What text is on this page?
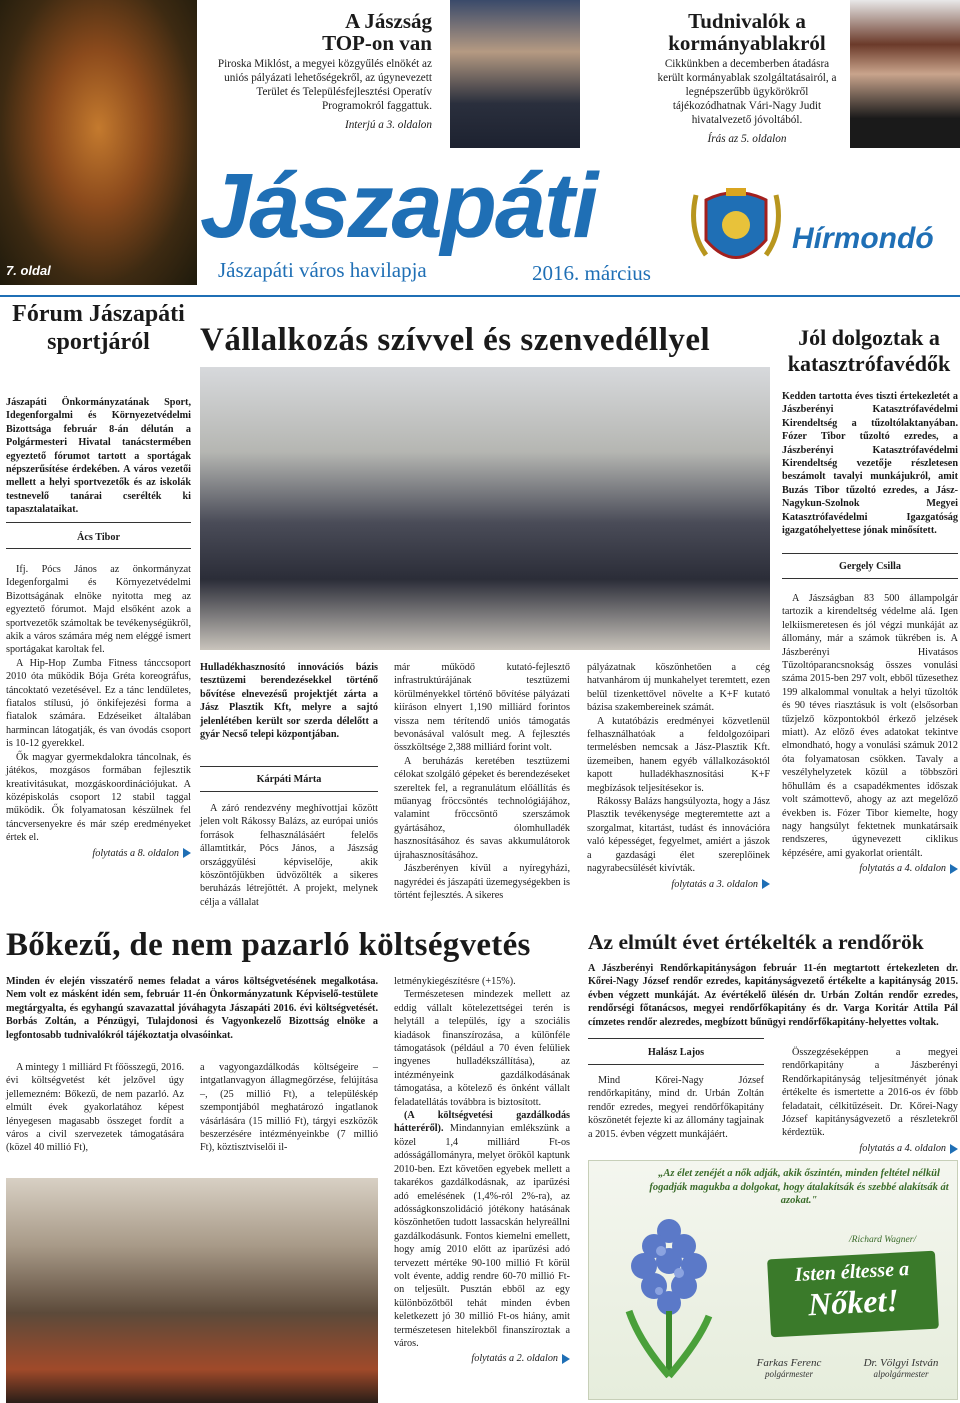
7. oldal
A Jászság
TOP-on van
Piroska Miklóst, a megyei közgyűlés elnökét az uniós pályázati lehetőségekről, az úgynevezett Terület és Településfejlesztési Operatív Programokról faggattuk.
Interjú a 3. oldalon
Tudnivalók a
kormányablakról
Cikkünkben a decemberben átadásra került kormányablak szolgáltatásairól, a legnépszerűbb ügykörökről tájékozódhatnak Vári-Nagy Judit hivatalvezető jóvoltából.
Írás az 5. oldalon
Jászapáti
Jászapáti város havilapja	2016. március
Hírmondó
Fórum Jászapáti sportjáról
Jászapáti Önkormányzatának Sport, Idegenforgalmi és Környezetvédelmi Bizottsága február 8-án délután a Polgármesteri Hivatal tanácstermében egyeztető fórumot tartott a sportágak népszerűsítése érdekében. A város vezetői mellett a helyi sportvezetők és az iskolák testnevelő tanárai cserélték ki tapasztalataikat.
Ács Tibor

Ifj. Pócs János az önkormányzat Idegenforgalmi és Környezetvédelmi Bizottságának elnöke nyitotta meg az egyeztető fórumot. Majd elsőként azok a sportvezetők számoltak be tevékenységükről, akik a város számára még nem eléggé ismert sportágakat karoltak fel.

A Hip-Hop Zumba Fitness tánccsoport 2010 óta működik Bója Gréta koreográfus, táncoktató vezetésével. Ez a tánc lendületes, fiatalos stílusú, jó önkifejezési forma a fiatalok számára. Edzéseiket általában harmincan látogatják, és van óvodás csoport is 10-12 gyerekkel.

Ők magyar gyermekdalokra táncolnak, és játékos, mozgásos formában fejlesztik kreativitásukat, mozgáskoordinációjukat. A középiskolás csoport 12 stabil taggal működik. Ők folyamatosan készülnek fel táncversenyekre és már szép eredményeket értek el.

folytatás a 8. oldalon
Vállalkozás szívvel és szenvedéllyel
Hulladékhasznosító innovációs bázis tesztüzemi berendezésekkel történő bővítése elnevezésű projektjét zárta a Jász Plasztik Kft, melyre a sajtó jelenlétében került sor szerda délelőtt a gyár Necső telepi központjában.
Kárpáti Márta

A záró rendezvény meghívottjai között jelen volt Rákossy Balázs, az európai uniós források felhasználásáért felelős államtitkár, Pócs János, a Jászság országgyűlési képviselője, akik köszöntőjükben üdvözölték a sikeres beruházás létrejöttét. A projekt, melynek célja a vállalat

már működő kutató-fejlesztő infrastruktúrájának tesztüzemi körülményekkel történő bővítése pályázati kiíráson elnyert 1,190 milliárd forintos vissza nem térítendő uniós támogatás bevonásával valósult meg. A fejlesztés összköltsége 2,388 milliárd forint volt.

A beruházás keretében tesztüzemi célokat szolgáló gépeket és berendezéseket szereltek fel, a regranulátum előállítás és műanyag fröccsöntés technológiájához, valamint fröccsöntő szerszámok gyártásához, ólomhulladék hasznosításához és savas akkumulátorok újrahasznosításához.

Jászberényen kívül a nyíregyházi, nagyrédei és jászapáti üzemegységekben is történt fejlesztés. A sikeres

pályázatnak köszönhetően a cég hatvanhárom új munkahelyet teremtett, ezen belül tizenkettővel növelte a K+F kutató bázisa szakembereinek számát.

A kutatóbázis eredményei közvetlenül felhasználhatóak a feldolgozóipari termelésben nemcsak a Jász-Plasztik Kft. üzemeiben, hanem egyéb vállalkozásoktól kapott hulladékhasznosítási K+F megbízások teljesítésekor is.

Rákossy Balázs hangsúlyozta, hogy a Jász Plasztik tevékenysége megteremtette azt a szorgalmat, kitartást, tudást és innovációra való képességet, fegyelmet, amiért a jászok a gazdasági élet szereplőinek nagyrabecsülését kivívták.

folytatás a 3. oldalon
Jól dolgoztak a katasztrófavédők
Kedden tartotta éves tiszti értekezletét a Jászberényi Katasztrófavédelmi Kirendeltség a tűzoltólaktanyában. Fózer Tibor tűzoltó ezredes, a Jászberényi Katasztrófavédelmi Kirendeltség vezetője részletesen beszámolt tavalyi munkájukról, amit Buzás Tibor tűzoltó ezredes, a Jász-Nagykun-Szolnok Megyei Katasztrófavédelmi Igazgatóság igazgatóhelyettese jónak minősített.
Gergely Csilla

A Jászságban 83 500 állampolgár tartozik a kirendeltség védelme alá. Igen lelkiismeretesen és jól végzi munkáját az állomány, már a számok tükrében is. A Jászberényi Hivatásos Tűzoltóparancsnokság összes vonulási száma 2015-ben 297 volt, ebből tűzesethez 199 alkalommal vonultak a helyi tűzoltók és 90 téves riasztásuk is volt (elsősorban tűzjelző központokból érkező jelzések miatt). Az előző éves adatokat tekintve elmondható, hogy a vonulási számuk 2012 óta folyamatosan csökken. Tavaly a veszélyhelyzetek közül a többszöri hőhullám és a csapadékmentes időszak volt számottevő, ahogy az azt megelőző években is. Fózer Tibor kiemelte, hogy nagy hangsúlyt fektetnek munkatársaik rendszeres, úgynevezett ciklikus képzésére, ami gyakorlat orientált.

folytatás a 4. oldalon
Bőkezű, de nem pazarló költségvetés
Minden év elején visszatérő nemes feladat a város költségvetésének megalkotása. Nem volt ez másként idén sem, február 11-én Önkormányzatunk Képviselő-testülete megtárgyalta, és egyhangú szavazattal jóváhagyta Jászapáti 2016. évi költségvetését. Borbás Zoltán, a Pénzügyi, Tulajdonosi és Vagyonkezelő Bizottság elnöke a legfontosabb tudnivalókról tájékoztatja olvasóinkat.

A mintegy 1 milliárd Ft főösszegű, 2016. évi költségvetést két jelzővel úgy jellemezném: Bőkezű, de nem pazarló. Az elmúlt évek gyakorlatához képest lényegesen magasabb összeget fordít a város a civil szervezetek támogatására (közel 40 millió Ft),

a vagyongazdálkodás költségeire – intgatlanvagyon állagmegőrzése, felújítása –, (25 millió Ft), a településkép szempontjából meghatározó ingatlanok vásárlására (15 millió Ft), tárgyi eszközök beszerzésére intézményeinkbe (7 millió Ft), köztisztviselői il-

letménykiegészítésre (+15%).

Természetesen mindezek mellett az eddig vállalt kötelezettségei terén is helytáll a település, így a szociális kiadások finanszírozása, a különféle támogatások (például a 70 éven felüliek ingyenes hulladékszállítása), az intézményeink gazdálkodásának támogatása, a kötelező és önként vállalt feladatellátás továbbra is biztosított.

(A költségvetési gazdálkodás hátteréről). Mindannyian emlékszünk a közel 1,4 milliárd Ft-os adósságállományra, melyet örököl kaptunk 2010-ben. Ezt követően egyebek mellett a takarékos gazdálkodásnak, az iparűzési adó emelésének (1,4%-ról 2%-ra), az adósságkonszolidáció jótékony hatásának köszönhetően tudott lassacskán helyreállni gazdálkodásunk. Fontos kiemelni emellett, hogy amíg 2010 előtt az iparűzési adó tervezett mértéke 90-100 millió Ft körül volt évente, addig rendre 60-70 millió Ft-on teljesült. Pusztán ebből az egy különbözőtből tehát minden évben keletkezett jó 30 millió Ft-os hiány, amit természetesen hitelekből finanszíroztak a város.

folytatás a 2. oldalon
Az elmúlt évet értékelték a rendőrök
A Jászberényi Rendőrkapitányságon február 11-én megtartott értekezleten dr. Kőrei-Nagy József rendőr ezredes, kapitányságvezető értékelte a kapitányság 2015. évben végzett munkáját. Az évértékelő ülésén dr. Urbán Zoltán rendőr ezredes, rendőrségi főtanácsos, megyei rendőrfőkapitány és dr. Varga Koritár Attila Pál címzetes rendőr alezredes, megbízott bűnügyi rendőrfőkapitány-helyettes voltak.
Halász Lajos

Mind Kőrei-Nagy József rendőrkapitány, mind dr. Urbán Zoltán rendőr ezredes, megyei rendőrfőkapitány köszönetét fejezte ki az állomány tagjainak a 2015. évben végzett munkájáért.

Összegzéseképpen a megyei rendőrkapitány a Jászberényi Rendőrkapitányság teljesítményét jónak értékelte és ismertette a 2016-os év főbb feladatait, célkitűzéseit. Dr. Kőrei-Nagy József kapitányságvezető a részletekről kérdeztük.

folytatás a 4. oldalon
„Az élet zenéjét a nők adják, akik őszintén, minden feltétel nélkül fogadják magukba a dolgokat, hogy átalakítsák és szebbé alakítsák át azokat."
/Richard Wagner/
Isten éltesse a
Nőket!
Farkas Ferenc
polgármester
Dr. Völgyi István
alpolgármester
